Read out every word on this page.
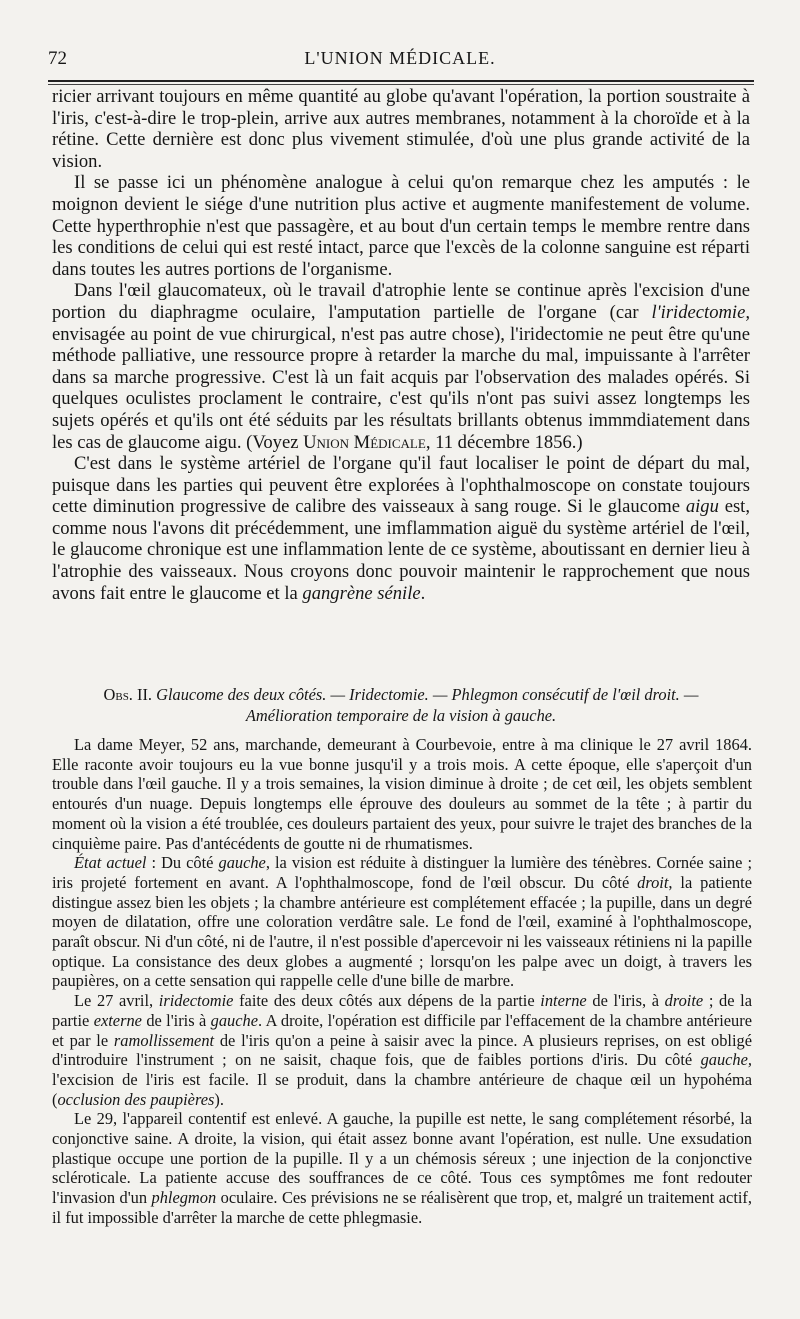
72	L'UNION MÉDICALE.

ricier arrivant toujours en même quantité au globe qu'avant l'opération, la portion soustraite à l'iris, c'est-à-dire le trop-plein, arrive aux autres membranes, notamment à la choroïde et à la rétine. Cette dernière est donc plus vivement stimulée, d'où une plus grande activité de la vision.

Il se passe ici un phénomène analogue à celui qu'on remarque chez les amputés : le moignon devient le siége d'une nutrition plus active et augmente manifestement de volume. Cette hyperthrophie n'est que passagère, et au bout d'un certain temps le membre rentre dans les conditions de celui qui est resté intact, parce que l'excès de la colonne sanguine est réparti dans toutes les autres portions de l'organisme.

Dans l'œil glaucomateux, où le travail d'atrophie lente se continue après l'excision d'une portion du diaphragme oculaire, l'amputation partielle de l'organe (car l'iridectomie, envisagée au point de vue chirurgical, n'est pas autre chose), l'iridectomie ne peut être qu'une méthode palliative, une ressource propre à retarder la marche du mal, impuissante à l'arrêter dans sa marche progressive. C'est là un fait acquis par l'observation des malades opérés. Si quelques oculistes proclament le contraire, c'est qu'ils n'ont pas suivi assez longtemps les sujets opérés et qu'ils ont été séduits par les résultats brillants obtenus immmdiatement dans les cas de glaucome aigu. (Voyez Union Médicale, 11 décembre 1856.)

C'est dans le système artériel de l'organe qu'il faut localiser le point de départ du mal, puisque dans les parties qui peuvent être explorées à l'ophthalmoscope on constate toujours cette diminution progressive de calibre des vaisseaux à sang rouge. Si le glaucome aigu est, comme nous l'avons dit précédemment, une imflammation aiguë du système artériel de l'œil, le glaucome chronique est une inflammation lente de ce système, aboutissant en dernier lieu à l'atrophie des vaisseaux. Nous croyons donc pouvoir maintenir le rapprochement que nous avons fait entre le glaucome et la gangrène sénile.

Obs. II. Glaucome des deux côtés. — Iridectomie. — Phlegmon consécutif de l'œil droit. —
Amélioration temporaire de la vision à gauche.

La dame Meyer, 52 ans, marchande, demeurant à Courbevoie, entre à ma clinique le 27 avril 1864. Elle raconte avoir toujours eu la vue bonne jusqu'il y a trois mois. A cette époque, elle s'aperçoit d'un trouble dans l'œil gauche. Il y a trois semaines, la vision diminue à droite ; de cet œil, les objets semblent entourés d'un nuage. Depuis longtemps elle éprouve des douleurs au sommet de la tête ; à partir du moment où la vision a été troublée, ces douleurs partaient des yeux, pour suivre le trajet des branches de la cinquième paire. Pas d'antécédents de goutte ni de rhumatismes.

État actuel : Du côté gauche, la vision est réduite à distinguer la lumière des ténèbres. Cornée saine ; iris projeté fortement en avant. A l'ophthalmoscope, fond de l'œil obscur. Du côté droit, la patiente distingue assez bien les objets ; la chambre antérieure est complétement effacée ; la pupille, dans un degré moyen de dilatation, offre une coloration verdâtre sale. Le fond de l'œil, examiné à l'ophthalmoscope, paraît obscur. Ni d'un côté, ni de l'autre, il n'est possible d'apercevoir ni les vaisseaux rétiniens ni la papille optique. La consistance des deux globes a augmenté ; lorsqu'on les palpe avec un doigt, à travers les paupières, on a cette sensation qui rappelle celle d'une bille de marbre.

Le 27 avril, iridectomie faite des deux côtés aux dépens de la partie interne de l'iris, à droite ; de la partie externe de l'iris à gauche. A droite, l'opération est difficile par l'effacement de la chambre antérieure et par le ramollissement de l'iris qu'on a peine à saisir avec la pince. A plusieurs reprises, on est obligé d'introduire l'instrument ; on ne saisit, chaque fois, que de faibles portions d'iris. Du côté gauche, l'excision de l'iris est facile. Il se produit, dans la chambre antérieure de chaque œil un hypohéma (occlusion des paupières).

Le 29, l'appareil contentif est enlevé. A gauche, la pupille est nette, le sang complétement résorbé, la conjonctive saine. A droite, la vision, qui était assez bonne avant l'opération, est nulle. Une exsudation plastique occupe une portion de la pupille. Il y a un chémosis séreux ; une injection de la conjonctive scléroticale. La patiente accuse des souffrances de ce côté. Tous ces symptômes me font redouter l'invasion d'un phlegmon oculaire. Ces prévisions ne se réalisèrent que trop, et, malgré un traitement actif, il fut impossible d'arrêter la marche de cette phlegmasie.
